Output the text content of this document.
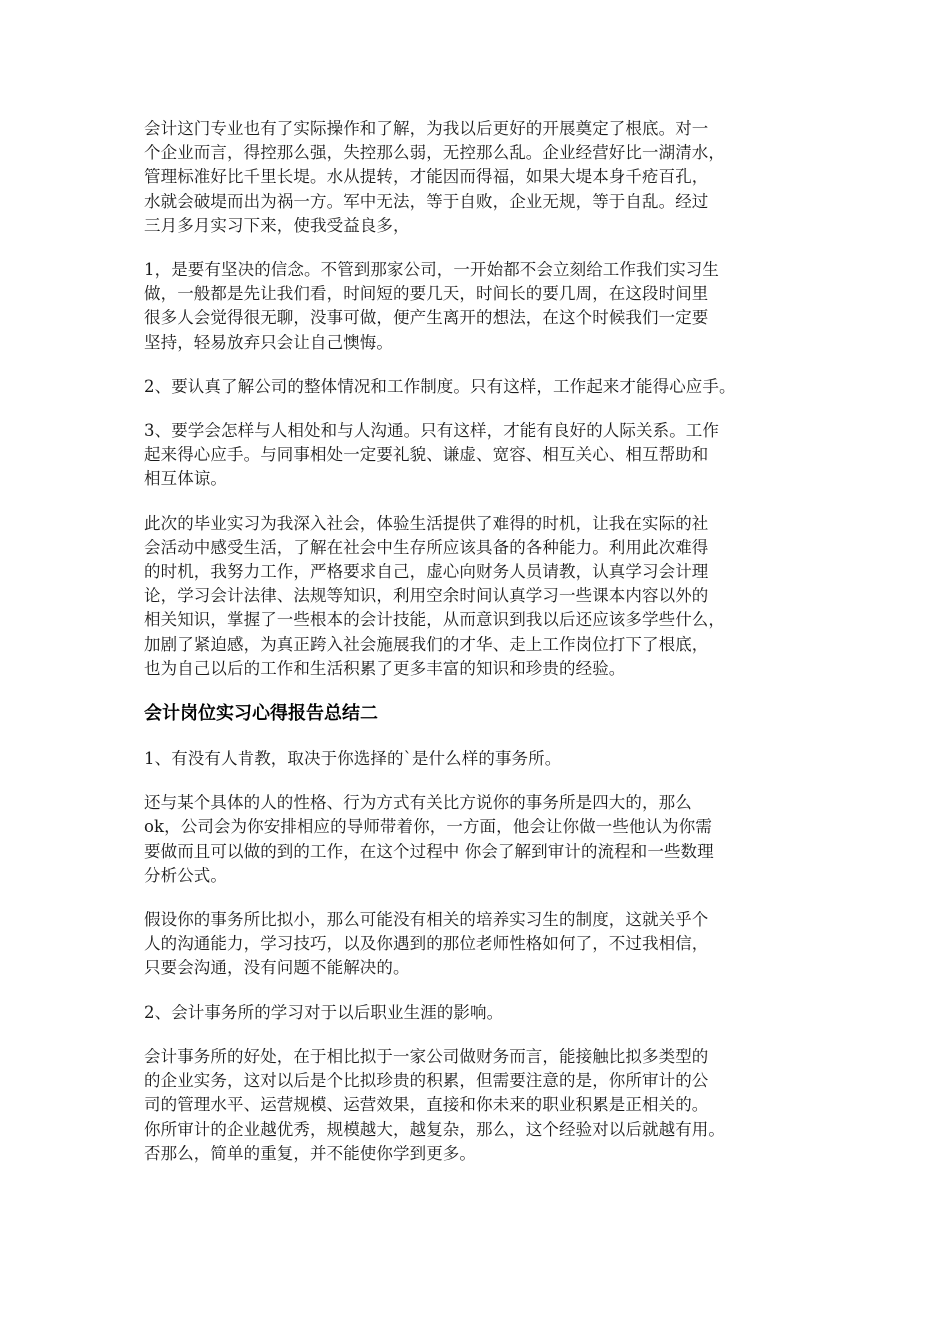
会计这门专业也有了实际操作和了解，为我以后更好的开展奠定了根底。对一
个企业而言，得控那么强，失控那么弱，无控那么乱。企业经营好比一湖清水，
管理标准好比千里长堤。水从提转，才能因而得福，如果大堤本身千疮百孔，
水就会破堤而出为祸一方。军中无法，等于自败，企业无规，等于自乱。经过
三月多月实习下来，使我受益良多，

1，是要有坚决的信念。不管到那家公司，一开始都不会立刻给工作我们实习生
做，一般都是先让我们看，时间短的要几天，时间长的要几周，在这段时间里
很多人会觉得很无聊，没事可做，便产生离开的想法，在这个时候我们一定要
坚持，轻易放弃只会让自己懊悔。

2、要认真了解公司的整体情况和工作制度。只有这样，工作起来才能得心应手。

3、要学会怎样与人相处和与人沟通。只有这样，才能有良好的人际关系。工作
起来得心应手。与同事相处一定要礼貌、谦虚、宽容、相互关心、相互帮助和
相互体谅。

此次的毕业实习为我深入社会，体验生活提供了难得的时机，让我在实际的社
会活动中感受生活，了解在社会中生存所应该具备的各种能力。利用此次难得
的时机，我努力工作，严格要求自己，虚心向财务人员请教，认真学习会计理
论，学习会计法律、法规等知识，利用空余时间认真学习一些课本内容以外的
相关知识，掌握了一些根本的会计技能，从而意识到我以后还应该多学些什么，
加剧了紧迫感，为真正跨入社会施展我们的才华、走上工作岗位打下了根底，
也为自己以后的工作和生活积累了更多丰富的知识和珍贵的经验。

会计岗位实习心得报告总结二

1、有没有人肯教，取决于你选择的`是什么样的事务所。

还与某个具体的人的性格、行为方式有关比方说你的事务所是四大的，那么
ok，公司会为你安排相应的导师带着你，一方面，他会让你做一些他认为你需
要做而且可以做的到的工作，在这个过程中 你会了解到审计的流程和一些数理
分析公式。

假设你的事务所比拟小，那么可能没有相关的培养实习生的制度，这就关乎个
人的沟通能力，学习技巧，以及你遇到的那位老师性格如何了，不过我相信，
只要会沟通，没有问题不能解决的。

2、会计事务所的学习对于以后职业生涯的影响。

会计事务所的好处，在于相比拟于一家公司做财务而言，能接触比拟多类型的
的企业实务，这对以后是个比拟珍贵的积累，但需要注意的是，你所审计的公
司的管理水平、运营规模、运营效果，直接和你未来的职业积累是正相关的。
你所审计的企业越优秀，规模越大，越复杂，那么，这个经验对以后就越有用。
否那么，简单的重复，并不能使你学到更多。
